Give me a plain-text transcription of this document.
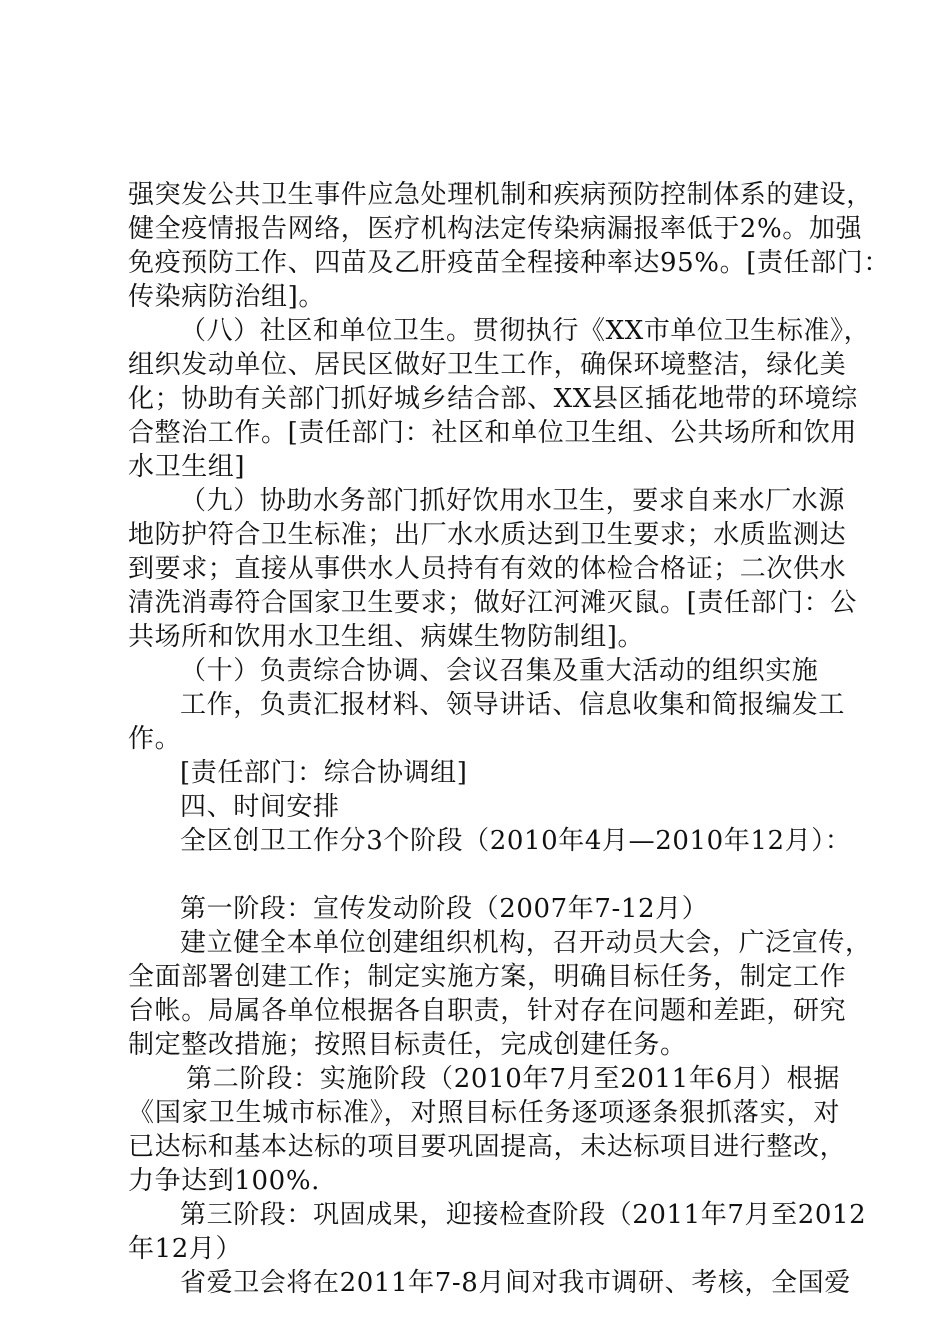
强突发公共卫生事件应急处理机制和疾病预防控制体系的建设，
健全疫情报告网络，医疗机构法定传染病漏报率低于2%。加强
免疫预防工作、四苗及乙肝疫苗全程接种率达95%。[责任部门：
传染病防治组]。
（八）社区和单位卫生。贯彻执行《XX市单位卫生标准》，
组织发动单位、居民区做好卫生工作，确保环境整洁，绿化美
化；协助有关部门抓好城乡结合部、XX县区插花地带的环境综
合整治工作。[责任部门：社区和单位卫生组、公共场所和饮用
水卫生组]
（九）协助水务部门抓好饮用水卫生，要求自来水厂水源
地防护符合卫生标准；出厂水水质达到卫生要求；水质监测达
到要求；直接从事供水人员持有有效的体检合格证；二次供水
清洗消毒符合国家卫生要求；做好江河滩灭鼠。[责任部门：公
共场所和饮用水卫生组、病媒生物防制组]。
（十）负责综合协调、会议召集及重大活动的组织实施
工作，负责汇报材料、领导讲话、信息收集和简报编发工
作。
[责任部门：综合协调组]
四、时间安排
全区创卫工作分3个阶段（2010年4月—2010年12月）：
第一阶段：宣传发动阶段（2007年7-12月）
建立健全本单位创建组织机构，召开动员大会，广泛宣传，
全面部署创建工作；制定实施方案，明确目标任务，制定工作
台帐。局属各单位根据各自职责，针对存在问题和差距，研究
制定整改措施；按照目标责任，完成创建任务。
第二阶段：实施阶段（2010年7月至2011年6月）根据
《国家卫生城市标准》，对照目标任务逐项逐条狠抓落实，对
已达标和基本达标的项目要巩固提高，未达标项目进行整改，
力争达到100%.
第三阶段：巩固成果，迎接检查阶段（2011年7月至2012
年12月）
省爱卫会将在2011年7-8月间对我市调研、考核，全国爱
